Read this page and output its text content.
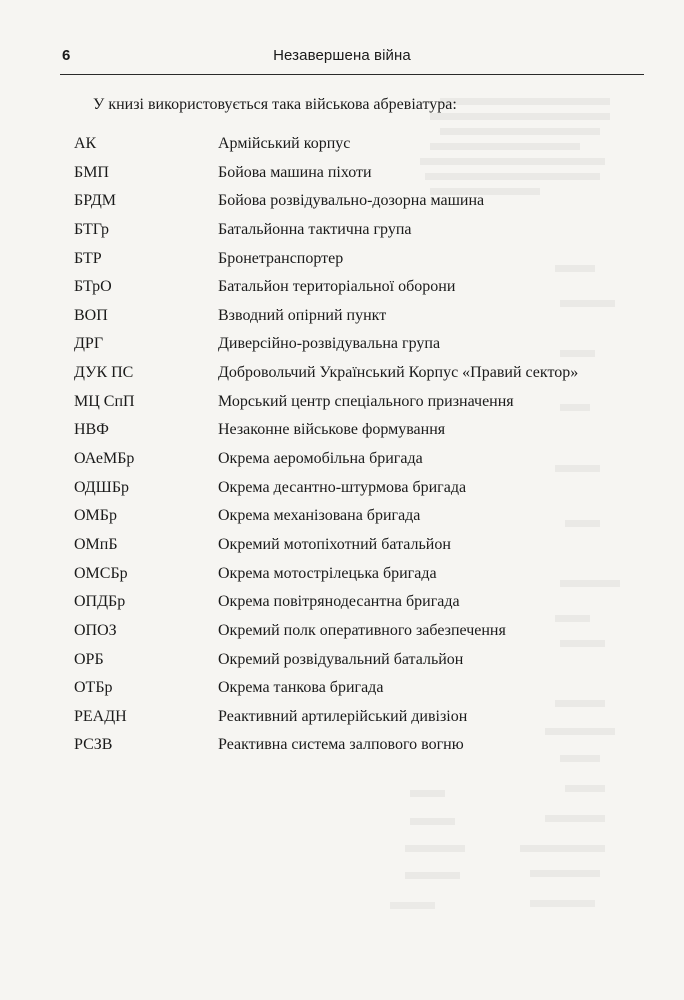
6	Незавершена війна
У книзі використовується така військова абревіатура:
АК	Армійський корпус
БМП	Бойова машина піхоти
БРДМ	Бойова розвідувально-дозорна машина
БТГр	Батальйонна тактична група
БТР	Бронетранспортер
БТрО	Батальйон територіальної оборони
ВОП	Взводний опірний пункт
ДРГ	Диверсійно-розвідувальна група
ДУК ПС	Добровольчий Український Корпус «Правий сектор»
МЦ СпП	Морський центр спеціального призначення
НВФ	Незаконне військове формування
ОАеМБр	Окрема аеромобільна бригада
ОДШБр	Окрема десантно-штурмова бригада
ОМБр	Окрема механізована бригада
ОМпБ	Окремий мотопіхотний батальйон
ОМСБр	Окрема мотострілецька бригада
ОПДБр	Окрема повітрянодесантна бригада
ОПОЗ	Окремий полк оперативного забезпечення
ОРБ	Окремий розвідувальний батальйон
ОТБр	Окрема танкова бригада
РЕАДН	Реактивний артилерійський дивізіон
РСЗВ	Реактивна система залпового вогню
